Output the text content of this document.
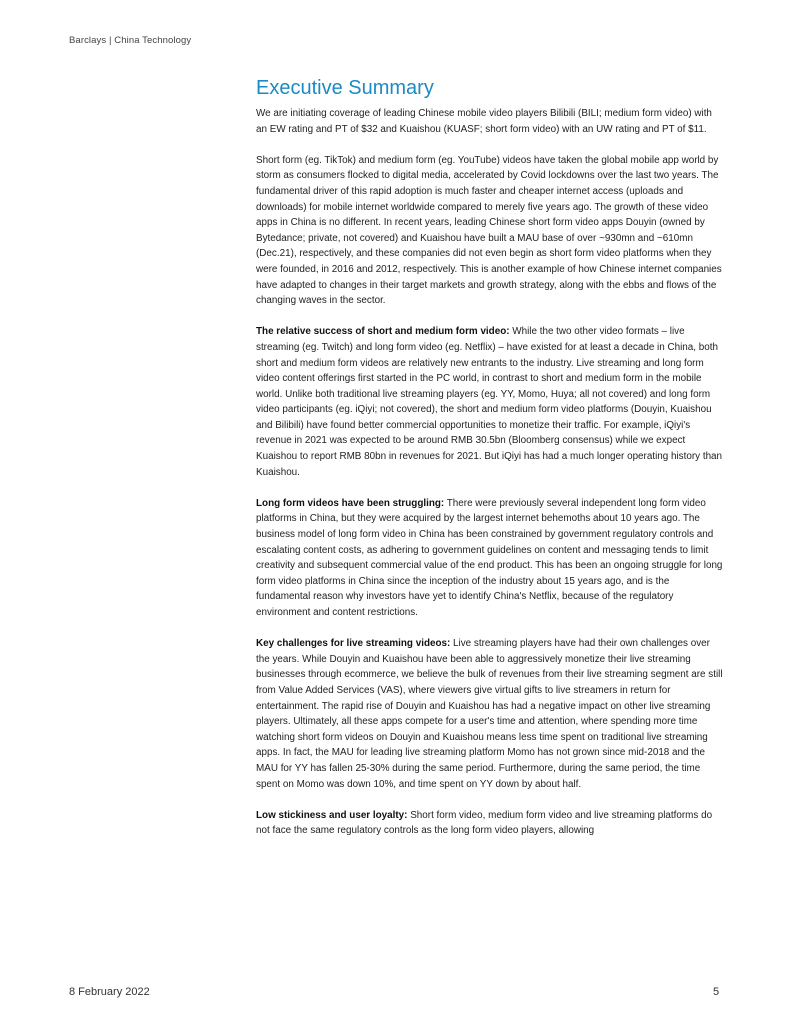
Barclays | China Technology
Executive Summary

We are initiating coverage of leading Chinese mobile video players Bilibili (BILI; medium form video) with an EW rating and PT of $32 and Kuaishou (KUASF; short form video) with an UW rating and PT of $11.

Short form (eg. TikTok) and medium form (eg. YouTube) videos have taken the global mobile app world by storm as consumers flocked to digital media, accelerated by Covid lockdowns over the last two years. The fundamental driver of this rapid adoption is much faster and cheaper internet access (uploads and downloads) for mobile internet worldwide compared to merely five years ago. The growth of these video apps in China is no different. In recent years, leading Chinese short form video apps Douyin (owned by Bytedance; private, not covered) and Kuaishou have built a MAU base of over ~930mn and ~610mn (Dec.21), respectively, and these companies did not even begin as short form video platforms when they were founded, in 2016 and 2012, respectively. This is another example of how Chinese internet companies have adapted to changes in their target markets and growth strategy, along with the ebbs and flows of the changing waves in the sector.

The relative success of short and medium form video: While the two other video formats – live streaming (eg. Twitch) and long form video (eg. Netflix) – have existed for at least a decade in China, both short and medium form videos are relatively new entrants to the industry. Live streaming and long form video content offerings first started in the PC world, in contrast to short and medium form in the mobile world. Unlike both traditional live streaming players (eg. YY, Momo, Huya; all not covered) and long form video participants (eg. iQiyi; not covered), the short and medium form video platforms (Douyin, Kuaishou and Bilibili) have found better commercial opportunities to monetize their traffic. For example, iQiyi's revenue in 2021 was expected to be around RMB 30.5bn (Bloomberg consensus) while we expect Kuaishou to report RMB 80bn in revenues for 2021. But iQiyi has had a much longer operating history than Kuaishou.

Long form videos have been struggling: There were previously several independent long form video platforms in China, but they were acquired by the largest internet behemoths about 10 years ago. The business model of long form video in China has been constrained by government regulatory controls and escalating content costs, as adhering to government guidelines on content and messaging tends to limit creativity and subsequent commercial value of the end product. This has been an ongoing struggle for long form video platforms in China since the inception of the industry about 15 years ago, and is the fundamental reason why investors have yet to identify China's Netflix, because of the regulatory environment and content restrictions.

Key challenges for live streaming videos: Live streaming players have had their own challenges over the years. While Douyin and Kuaishou have been able to aggressively monetize their live streaming businesses through ecommerce, we believe the bulk of revenues from their live streaming segment are still from Value Added Services (VAS), where viewers give virtual gifts to live streamers in return for entertainment. The rapid rise of Douyin and Kuaishou has had a negative impact on other live streaming players. Ultimately, all these apps compete for a user's time and attention, where spending more time watching short form videos on Douyin and Kuaishou means less time spent on traditional live streaming apps. In fact, the MAU for leading live streaming platform Momo has not grown since mid-2018 and the MAU for YY has fallen 25-30% during the same period. Furthermore, during the same period, the time spent on Momo was down 10%, and time spent on YY down by about half.

Low stickiness and user loyalty: Short form video, medium form video and live streaming platforms do not face the same regulatory controls as the long form video players, allowing

8 February 2022	5
